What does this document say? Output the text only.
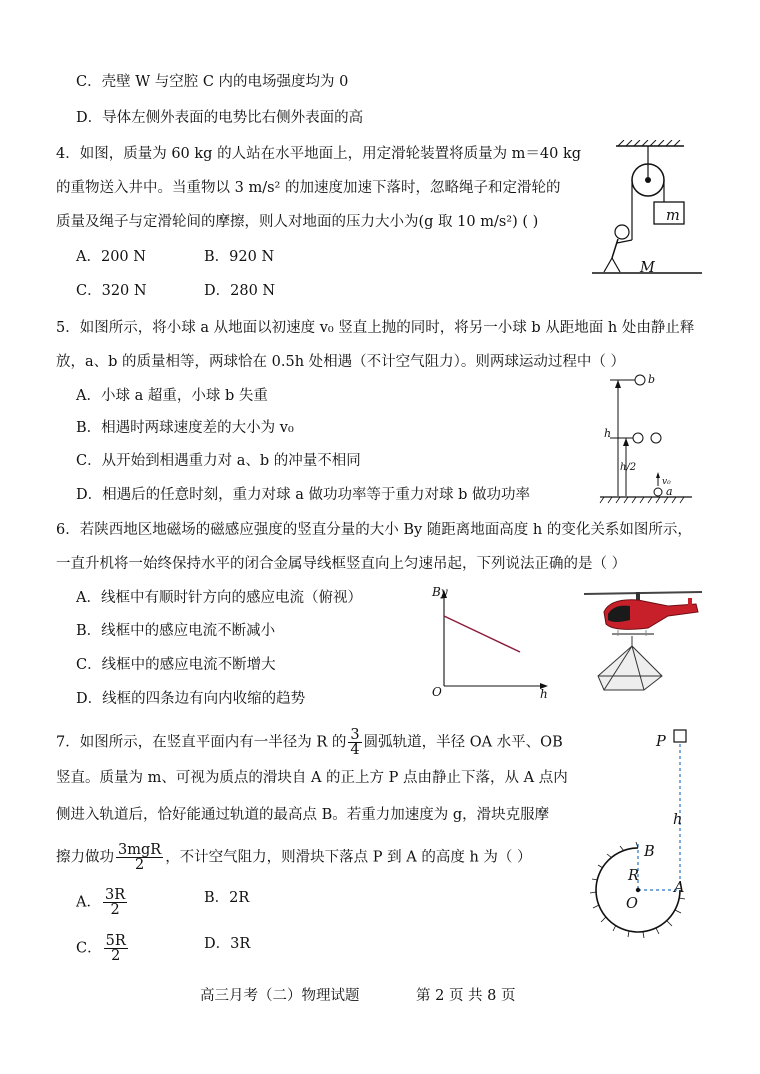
C．壳壁 W 与空腔 C 内的电场强度均为 0
D．导体左侧外表面的电势比右侧外表面的高
4．如图，质量为 60 kg 的人站在水平地面上，用定滑轮装置将质量为 m＝40 kg
的重物送入井中。当重物以 3 m/s² 的加速度加速下落时，忽略绳子和定滑轮的
质量及绳子与定滑轮间的摩擦，则人对地面的压力大小为(g 取 10 m/s²) ( )
A．200 N	B．920 N
C．320 N	D．280 N
m
M
5．如图所示，将小球 a 从地面以初速度 v₀ 竖直上抛的同时，将另一小球 b 从距地面 h 处由静止释
放，a、b 的质量相等，两球恰在 0.5h 处相遇（不计空气阻力）。则两球运动过程中（ ）
A．小球 a 超重，小球 b 失重
B．相遇时两球速度差的大小为 v₀
C．从开始到相遇重力对 a、b 的冲量不相同
D．相遇后的任意时刻，重力对球 a 做功功率等于重力对球 b 做功功率
b
h
h/2
v₀
a
6．若陕西地区地磁场的磁感应强度的竖直分量的大小 By 随距离地面高度 h 的变化关系如图所示，
一直升机将一始终保持水平的闭合金属导线框竖直向上匀速吊起，下列说法正确的是（ ）
A．线框中有顺时针方向的感应电流（俯视）
B．线框中的感应电流不断减小
C．线框中的感应电流不断增大
D．线框的四条边有向内收缩的趋势
By
h
O
7．如图所示，在竖直平面内有一半径为 R 的 $\frac{3}{4}$ 圆弧轨道，半径 OA 水平、OB
竖直。质量为 m、可视为质点的滑块自 A 的正上方 P 点由静止下落，从 A 点内
侧进入轨道后，恰好能通过轨道的最高点 B。若重力加速度为 g，滑块克服摩
擦力做功 $\frac{\text{3mgR}}{2}$ ，不计空气阻力，则滑块下落点 P 到 A 的高度 h 为（ ）
A． $\frac{3R}{2}$	B．2R
C． $\frac{5R}{2}$	D．3R
P
h
B
R
A
O
高三月考（二）物理试题	第 2 页 共 8 页
